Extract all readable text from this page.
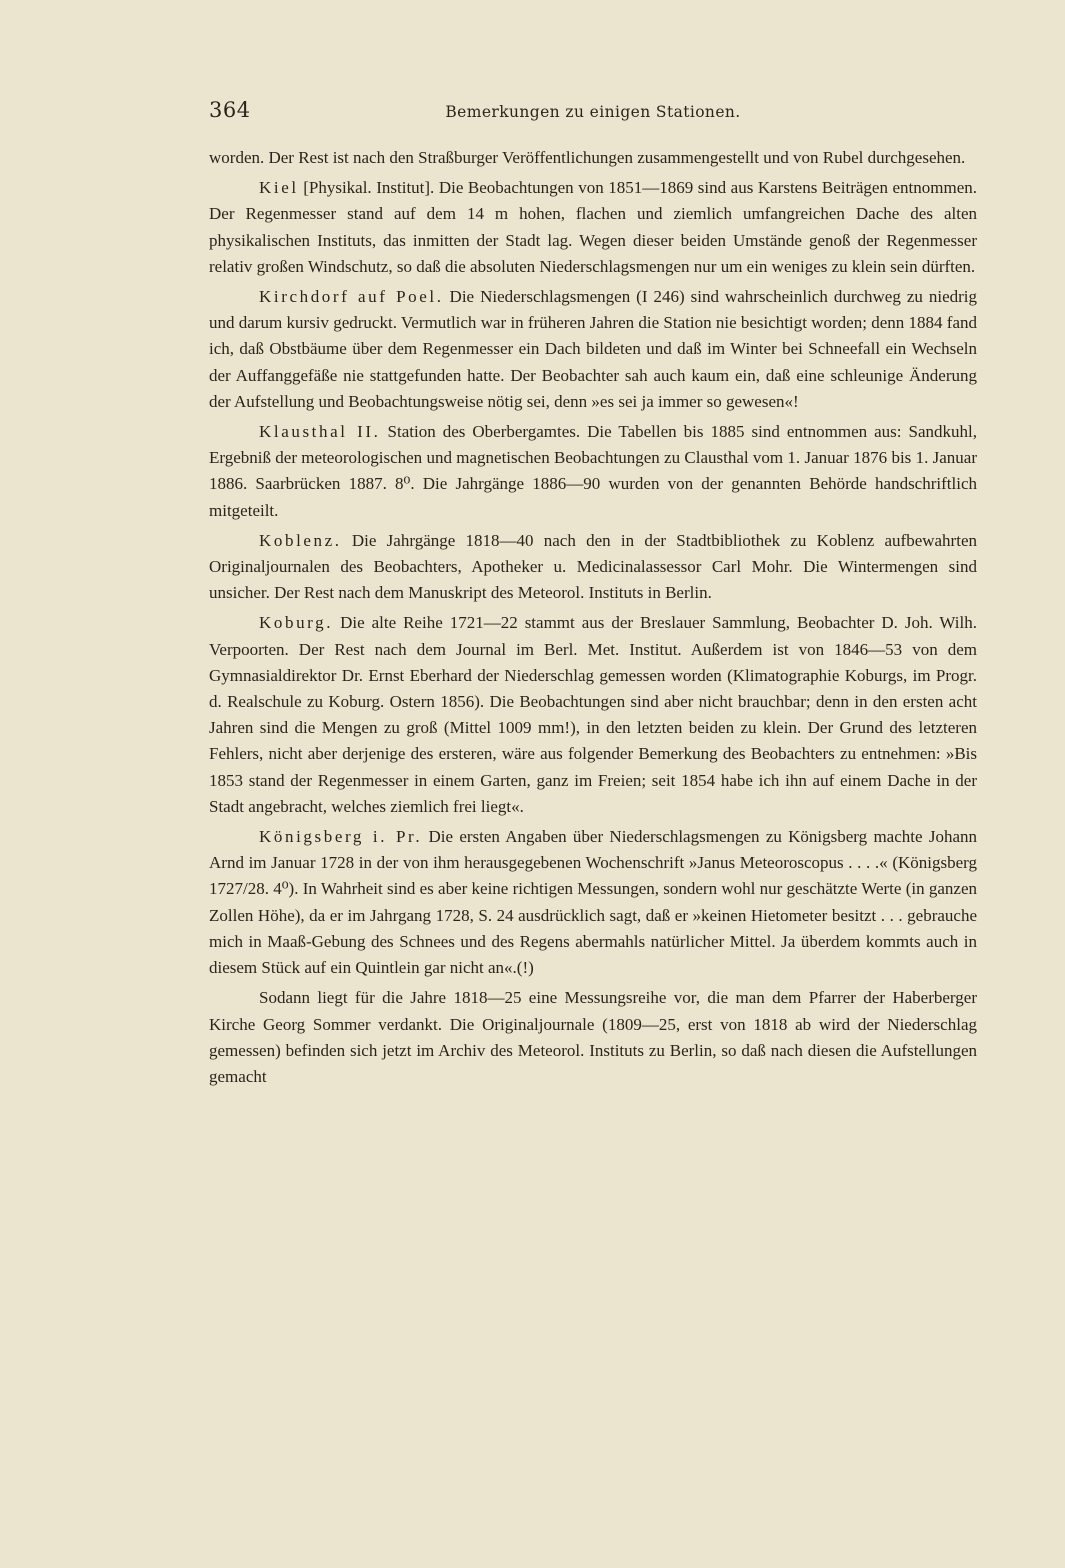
364	Bemerkungen zu einigen Stationen.

worden. Der Rest ist nach den Straßburger Veröffentlichungen zusammengestellt und von Rubel durchgesehen.

Kiel [Physikal. Institut]. Die Beobachtungen von 1851—1869 sind aus Karstens Beiträgen entnommen. Der Regenmesser stand auf dem 14 m hohen, flachen und ziemlich umfangreichen Dache des alten physikalischen Instituts, das inmitten der Stadt lag. Wegen dieser beiden Umstände genoß der Regenmesser relativ großen Windschutz, so daß die absoluten Niederschlagsmengen nur um ein weniges zu klein sein dürften.

Kirchdorf auf Poel. Die Niederschlagsmengen (I 246) sind wahrscheinlich durchweg zu niedrig und darum kursiv gedruckt. Vermutlich war in früheren Jahren die Station nie besichtigt worden; denn 1884 fand ich, daß Obstbäume über dem Regenmesser ein Dach bildeten und daß im Winter bei Schneefall ein Wechseln der Auffanggefäße nie stattgefunden hatte. Der Beobachter sah auch kaum ein, daß eine schleunige Änderung der Aufstellung und Beobachtungsweise nötig sei, denn »es sei ja immer so gewesen«!

Klausthal II. Station des Oberbergamtes. Die Tabellen bis 1885 sind entnommen aus: Sandkuhl, Ergebniß der meteorologischen und magnetischen Beobachtungen zu Clausthal vom 1. Januar 1876 bis 1. Januar 1886. Saarbrücken 1887. 8⁰. Die Jahrgänge 1886—90 wurden von der genannten Behörde handschriftlich mitgeteilt.

Koblenz. Die Jahrgänge 1818—40 nach den in der Stadtbibliothek zu Koblenz aufbewahrten Originaljournalen des Beobachters, Apotheker u. Medicinalassessor Carl Mohr. Die Wintermengen sind unsicher. Der Rest nach dem Manuskript des Meteorol. Instituts in Berlin.

Koburg. Die alte Reihe 1721—22 stammt aus der Breslauer Sammlung, Beobachter D. Joh. Wilh. Verpoorten. Der Rest nach dem Journal im Berl. Met. Institut. Außerdem ist von 1846—53 von dem Gymnasialdirektor Dr. Ernst Eberhard der Niederschlag gemessen worden (Klimatographie Koburgs, im Progr. d. Realschule zu Koburg. Ostern 1856). Die Beobachtungen sind aber nicht brauchbar; denn in den ersten acht Jahren sind die Mengen zu groß (Mittel 1009 mm!), in den letzten beiden zu klein. Der Grund des letzteren Fehlers, nicht aber derjenige des ersteren, wäre aus folgender Bemerkung des Beobachters zu entnehmen: »Bis 1853 stand der Regenmesser in einem Garten, ganz im Freien; seit 1854 habe ich ihn auf einem Dache in der Stadt angebracht, welches ziemlich frei liegt«.

Königsberg i. Pr. Die ersten Angaben über Niederschlagsmengen zu Königsberg machte Johann Arnd im Januar 1728 in der von ihm herausgegebenen Wochenschrift »Janus Meteoroscopus . . . .« (Königsberg 1727/28. 4⁰). In Wahrheit sind es aber keine richtigen Messungen, sondern wohl nur geschätzte Werte (in ganzen Zollen Höhe), da er im Jahrgang 1728, S. 24 ausdrücklich sagt, daß er »keinen Hietometer besitzt . . . gebrauche mich in Maaß-Gebung des Schnees und des Regens abermahls natürlicher Mittel. Ja überdem kommts auch in diesem Stück auf ein Quintlein gar nicht an«.(!)

Sodann liegt für die Jahre 1818—25 eine Messungsreihe vor, die man dem Pfarrer der Haberberger Kirche Georg Sommer verdankt. Die Originaljournale (1809—25, erst von 1818 ab wird der Niederschlag gemessen) befinden sich jetzt im Archiv des Meteorol. Instituts zu Berlin, so daß nach diesen die Aufstellungen gemacht
